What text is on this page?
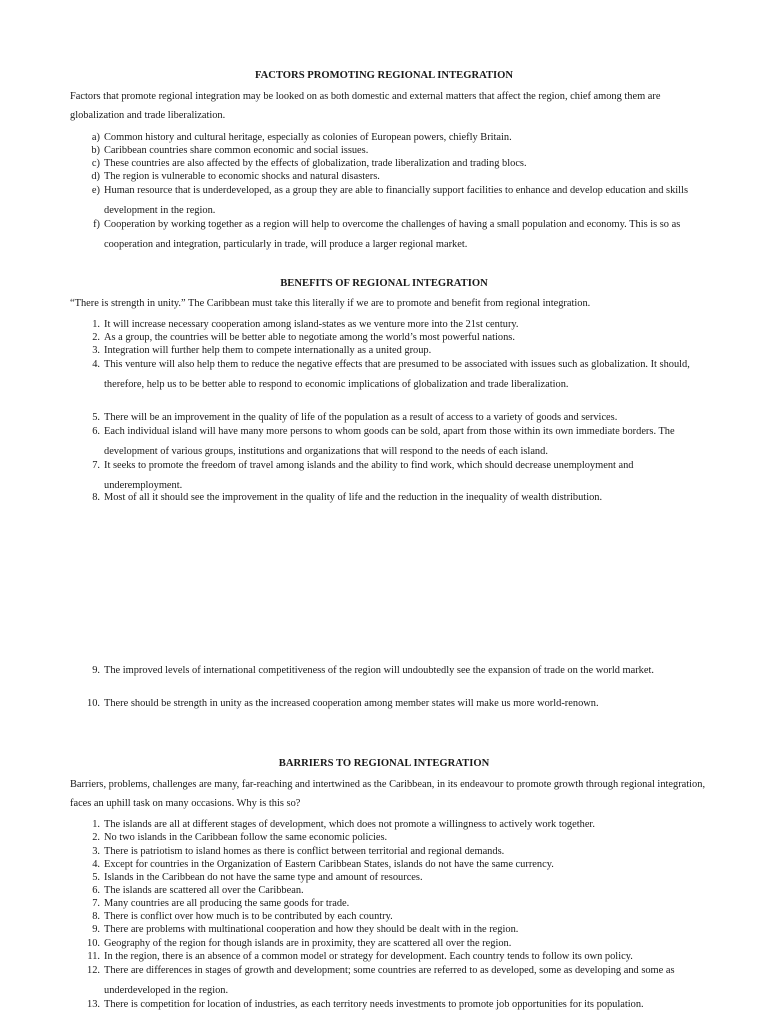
FACTORS PROMOTING REGIONAL INTEGRATION
Factors that promote regional integration may be looked on as both domestic and external matters that affect the region, chief among them are globalization and trade liberalization.
a) Common history and cultural heritage, especially as colonies of European powers, chiefly Britain.
b) Caribbean countries share common economic and social issues.
c) These countries are also affected by the effects of globalization, trade liberalization and trading blocs.
d) The region is vulnerable to economic shocks and natural disasters.
e) Human resource that is underdeveloped, as a group they are able to financially support facilities to enhance and develop education and skills development in the region.
f) Cooperation by working together as a region will help to overcome the challenges of having a small population and economy. This is so as cooperation and integration, particularly in trade, will produce a larger regional market.
BENEFITS OF REGIONAL INTEGRATION
“There is strength in unity.” The Caribbean must take this literally if we are to promote and benefit from regional integration.
1. It will increase necessary cooperation among island-states as we venture more into the 21st century.
2. As a group, the countries will be better able to negotiate among the world’s most powerful nations.
3. Integration will further help them to compete internationally as a united group.
4. This venture will also help them to reduce the negative effects that are presumed to be associated with issues such as globalization. It should, therefore, help us to be better able to respond to economic implications of globalization and trade liberalization.
5. There will be an improvement in the quality of life of the population as a result of access to a variety of goods and services.
6. Each individual island will have many more persons to whom goods can be sold, apart from those within its own immediate borders. The development of various groups, institutions and organizations that will respond to the needs of each island.
7. It seeks to promote the freedom of travel among islands and the ability to find work, which should decrease unemployment and underemployment.
8. Most of all it should see the improvement in the quality of life and the reduction in the inequality of wealth distribution.
9. The improved levels of international competitiveness of the region will undoubtedly see the expansion of trade on the world market.
10. There should be strength in unity as the increased cooperation among member states will make us more world-renown.
BARRIERS TO REGIONAL INTEGRATION
Barriers, problems, challenges are many, far-reaching and intertwined as the Caribbean, in its endeavour to promote growth through regional integration, faces an uphill task on many occasions. Why is this so?
1. The islands are all at different stages of development, which does not promote a willingness to actively work together.
2. No two islands in the Caribbean follow the same economic policies.
3. There is patriotism to island homes as there is conflict between territorial and regional demands.
4. Except for countries in the Organization of Eastern Caribbean States, islands do not have the same currency.
5. Islands in the Caribbean do not have the same type and amount of resources.
6. The islands are scattered all over the Caribbean.
7. Many countries are all producing the same goods for trade.
8. There is conflict over how much is to be contributed by each country.
9. There are problems with multinational cooperation and how they should be dealt with in the region.
10. Geography of the region for though islands are in proximity, they are scattered all over the region.
11. In the region, there is an absence of a common model or strategy for development. Each country tends to follow its own policy.
12. There are differences in stages of growth and development; some countries are referred to as developed, some as developing and some as underdeveloped in the region.
13. There is competition for location of industries, as each territory needs investments to promote job opportunities for its population.
